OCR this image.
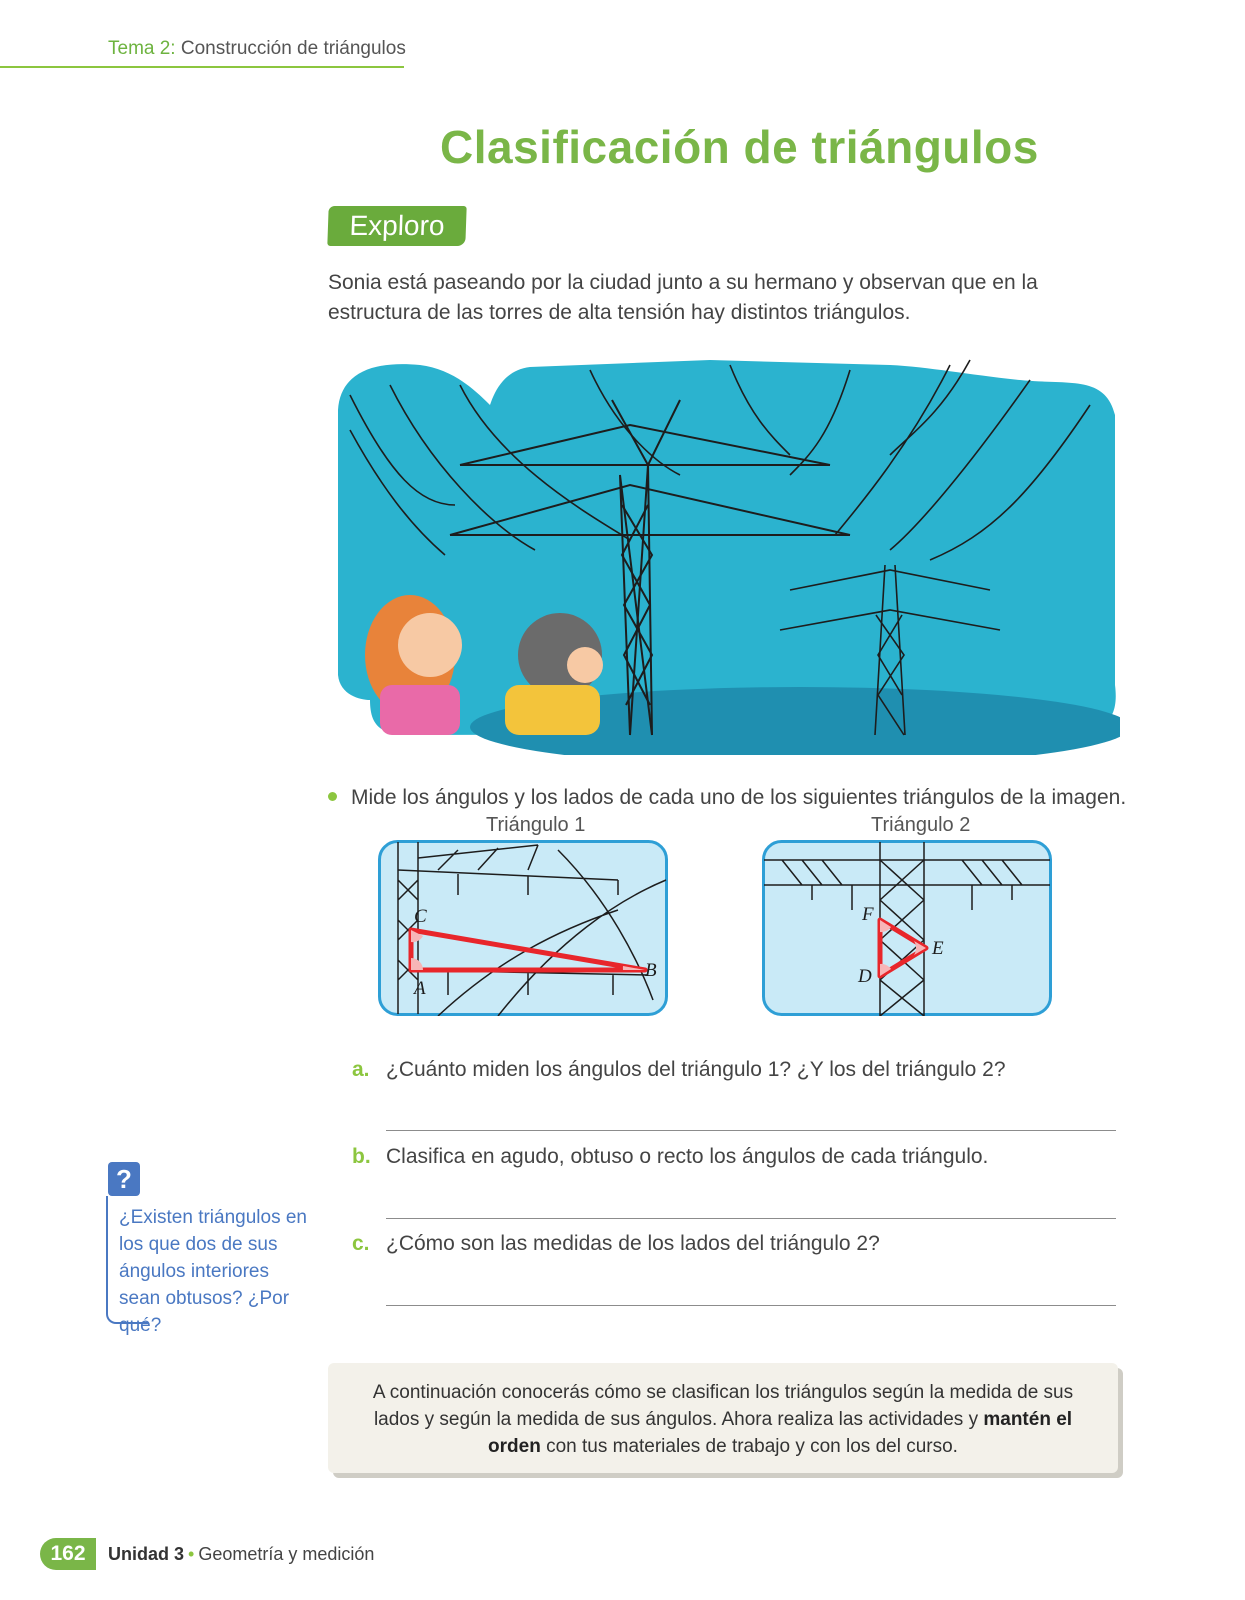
Tema 2: Construcción de triángulos
Clasificación de triángulos
Exploro
Sonia está paseando por la ciudad junto a su hermano y observan que en la estructura de las torres de alta tensión hay distintos triángulos.
Mide los ángulos y los lados de cada uno de los siguientes triángulos de la imagen.
Triángulo 1
C
A
B
Triángulo 2
F
E
D
a. ¿Cuánto miden los ángulos del triángulo 1? ¿Y los del triángulo 2?
b. Clasifica en agudo, obtuso o recto los ángulos de cada triángulo.
c. ¿Cómo son las medidas de los lados del triángulo 2?
?
¿Existen triángulos en los que dos de sus ángulos interiores sean obtusos? ¿Por qué?
A continuación conocerás cómo se clasifican los triángulos según la medida de sus lados y según la medida de sus ángulos. Ahora realiza las actividades y mantén el orden con tus materiales de trabajo y con los del curso.
162	Unidad 3 • Geometría y medición
